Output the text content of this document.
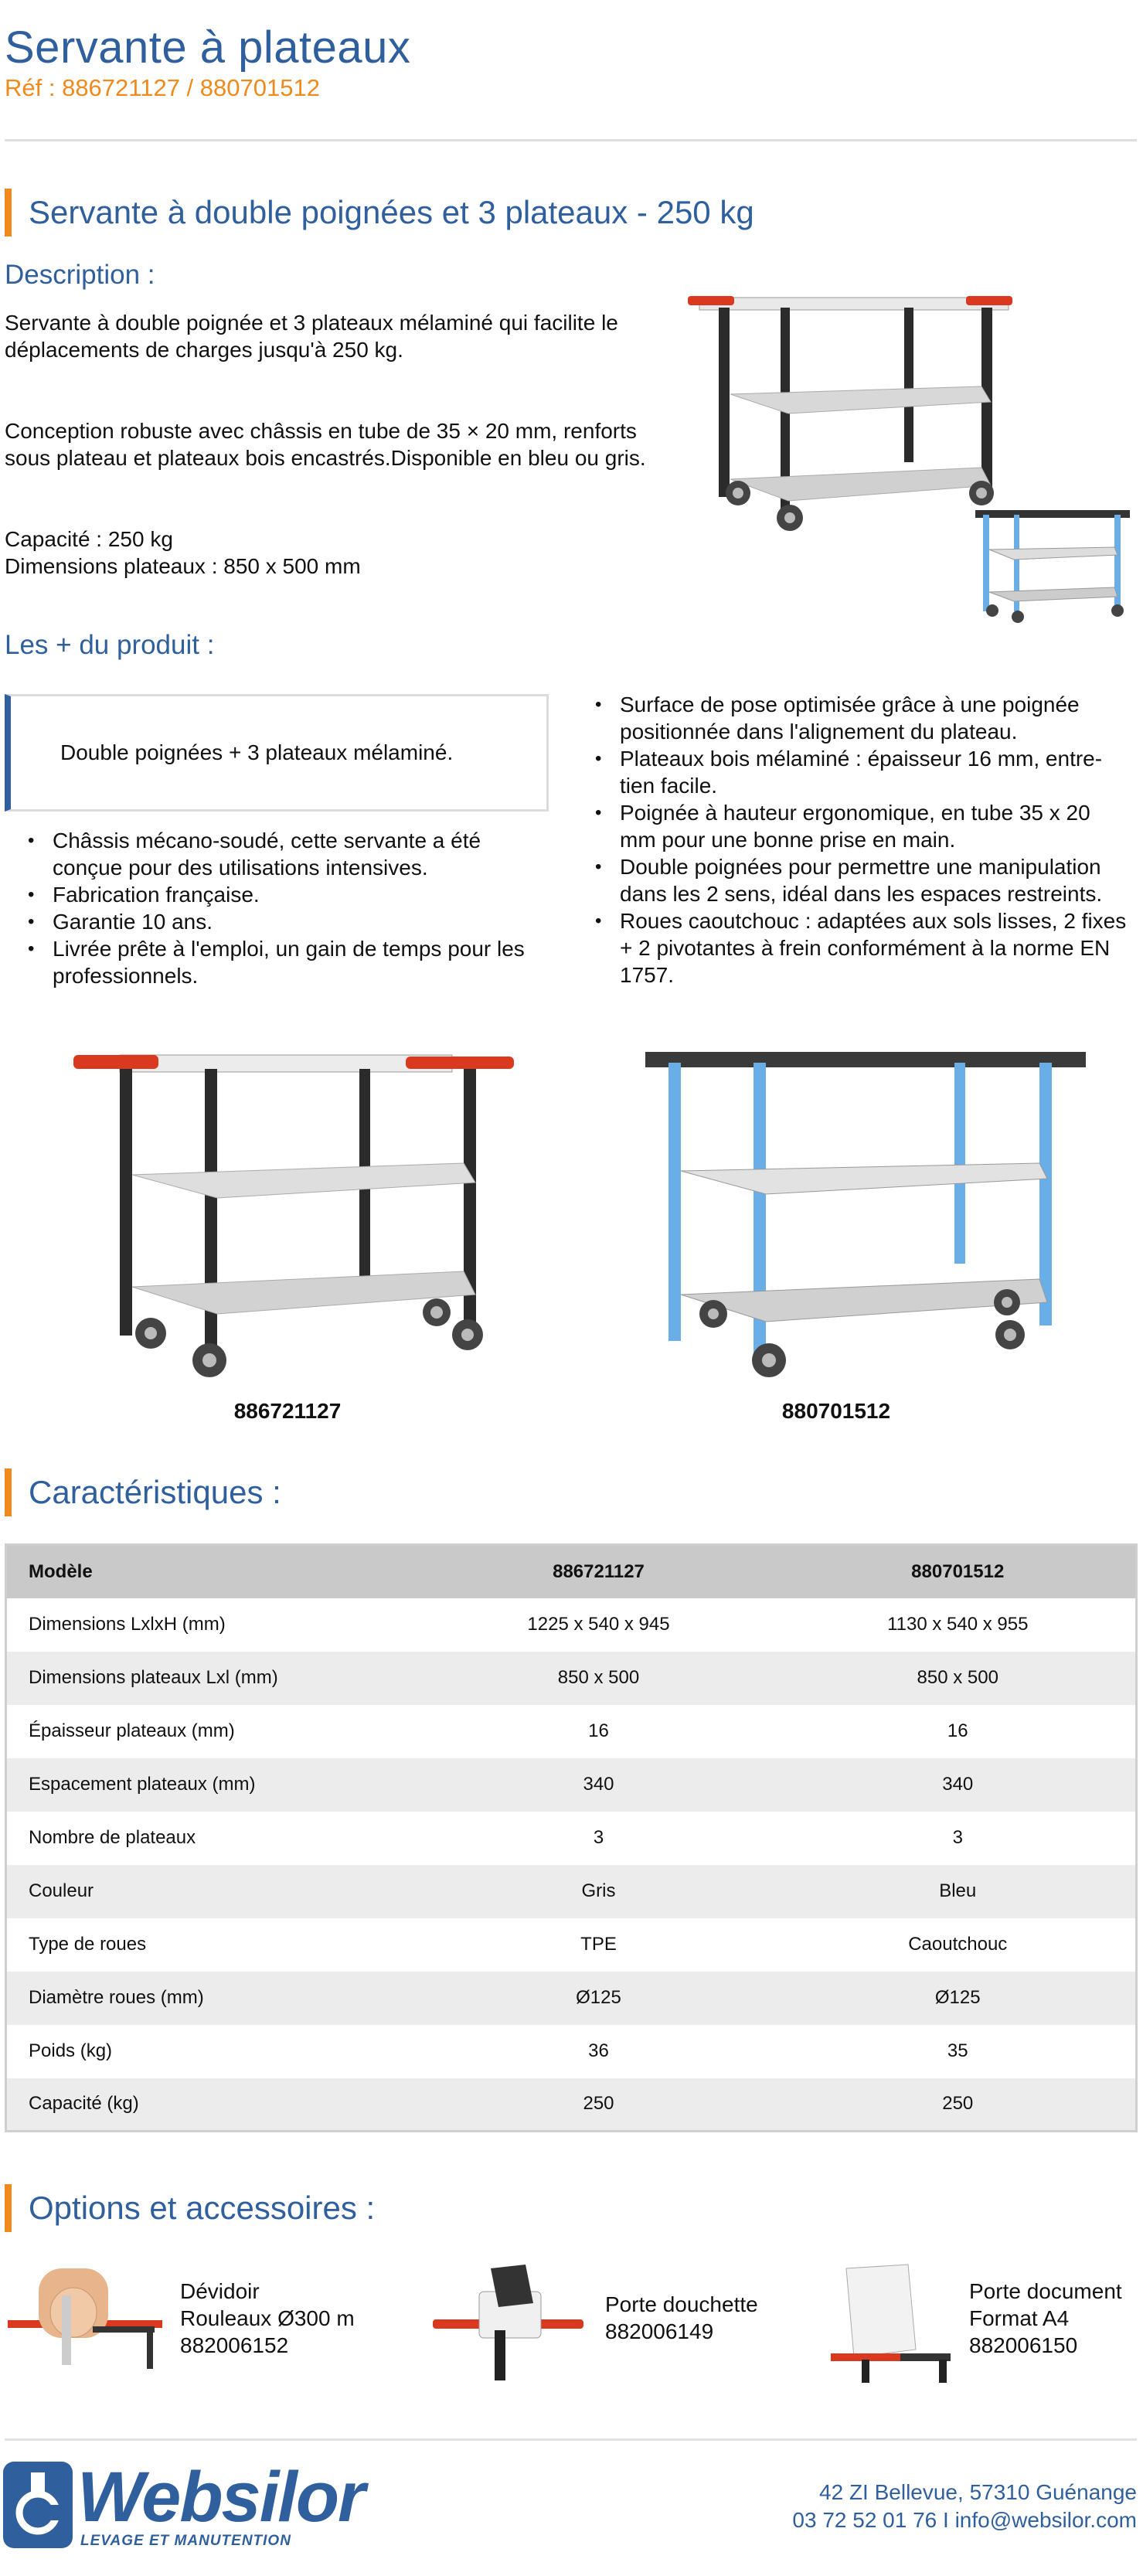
Servante à plateaux
Réf : 886721127 / 880701512
Servante à double poignées et 3 plateaux - 250 kg
Description :
Servante à double poignée et 3 plateaux mélaminé qui facilite le
déplacements de charges jusqu'à 250 kg.
Conception robuste avec châssis en tube de 35 × 20 mm, renforts
sous plateau et plateaux bois encastrés.Disponible en bleu ou gris.
Capacité : 250 kg
Dimensions plateaux : 850 x 500 mm
Les + du produit :
Double poignées + 3 plateaux mélaminé.
• Châssis mécano-soudé, cette servante a été conçue pour des utilisations intensives.
• Fabrication française.
• Garantie 10 ans.
• Livrée prête à l'emploi, un gain de temps pour les professionnels.
• Surface de pose optimisée grâce à une poignée positionnée dans l'alignement du plateau.
• Plateaux bois mélaminé : épaisseur 16 mm, entre-tien facile.
• Poignée à hauteur ergonomique, en tube 35 x 20 mm pour une bonne prise en main.
• Double poignées pour permettre une manipulation dans les 2 sens, idéal dans les espaces restreints.
• Roues caoutchouc : adaptées aux sols lisses, 2 fixes + 2 pivotantes à frein conformément à la norme EN 1757.
886721127	880701512
Caractéristiques :
Modèle	886721127	880701512
Dimensions LxlxH (mm)	1225 x 540 x 945	1130 x 540 x 955
Dimensions plateaux Lxl (mm)	850 x 500	850 x 500
Épaisseur plateaux (mm)	16	16
Espacement plateaux (mm)	340	340
Nombre de plateaux	3	3
Couleur	Gris	Bleu
Type de roues	TPE	Caoutchouc
Diamètre roues (mm)	Ø125	Ø125
Poids (kg)	36	35
Capacité (kg)	250	250
Options et accessoires :
Dévidoir
Rouleaux Ø300 m
882006152
Porte douchette
882006149
Porte document
Format A4
882006150
Websilor
LEVAGE ET MANUTENTION
42 ZI Bellevue, 57310 Guénange
03 72 52 01 76 I info@websilor.com
